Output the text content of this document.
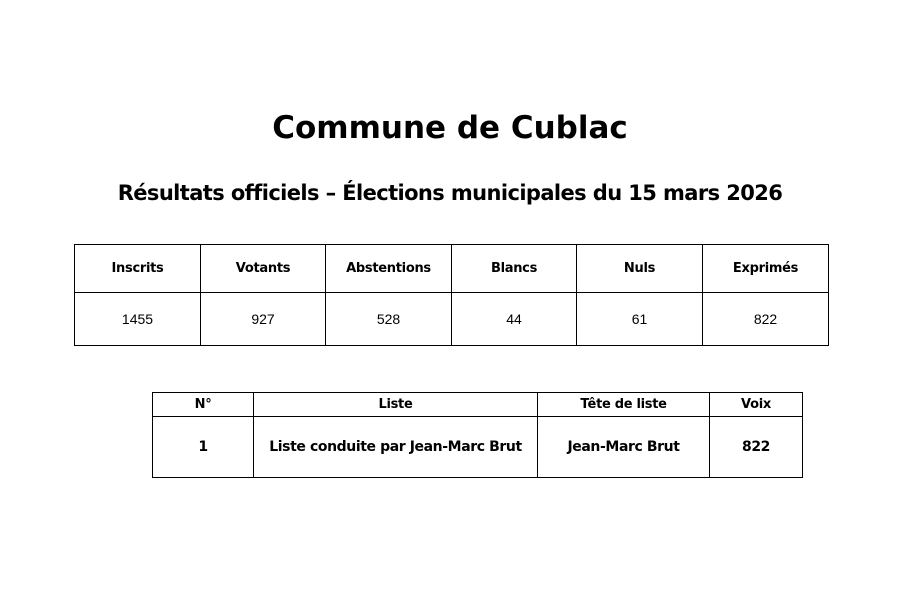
Commune de Cublac
Résultats officiels – Élections municipales du 15 mars 2026
Inscrits	Votants	Abstentions	Blancs	Nuls	Exprimés
1455	927	528	44	61	822
N°	Liste	Tête de liste	Voix
1	Liste conduite par Jean-Marc Brut	Jean-Marc Brut	822
